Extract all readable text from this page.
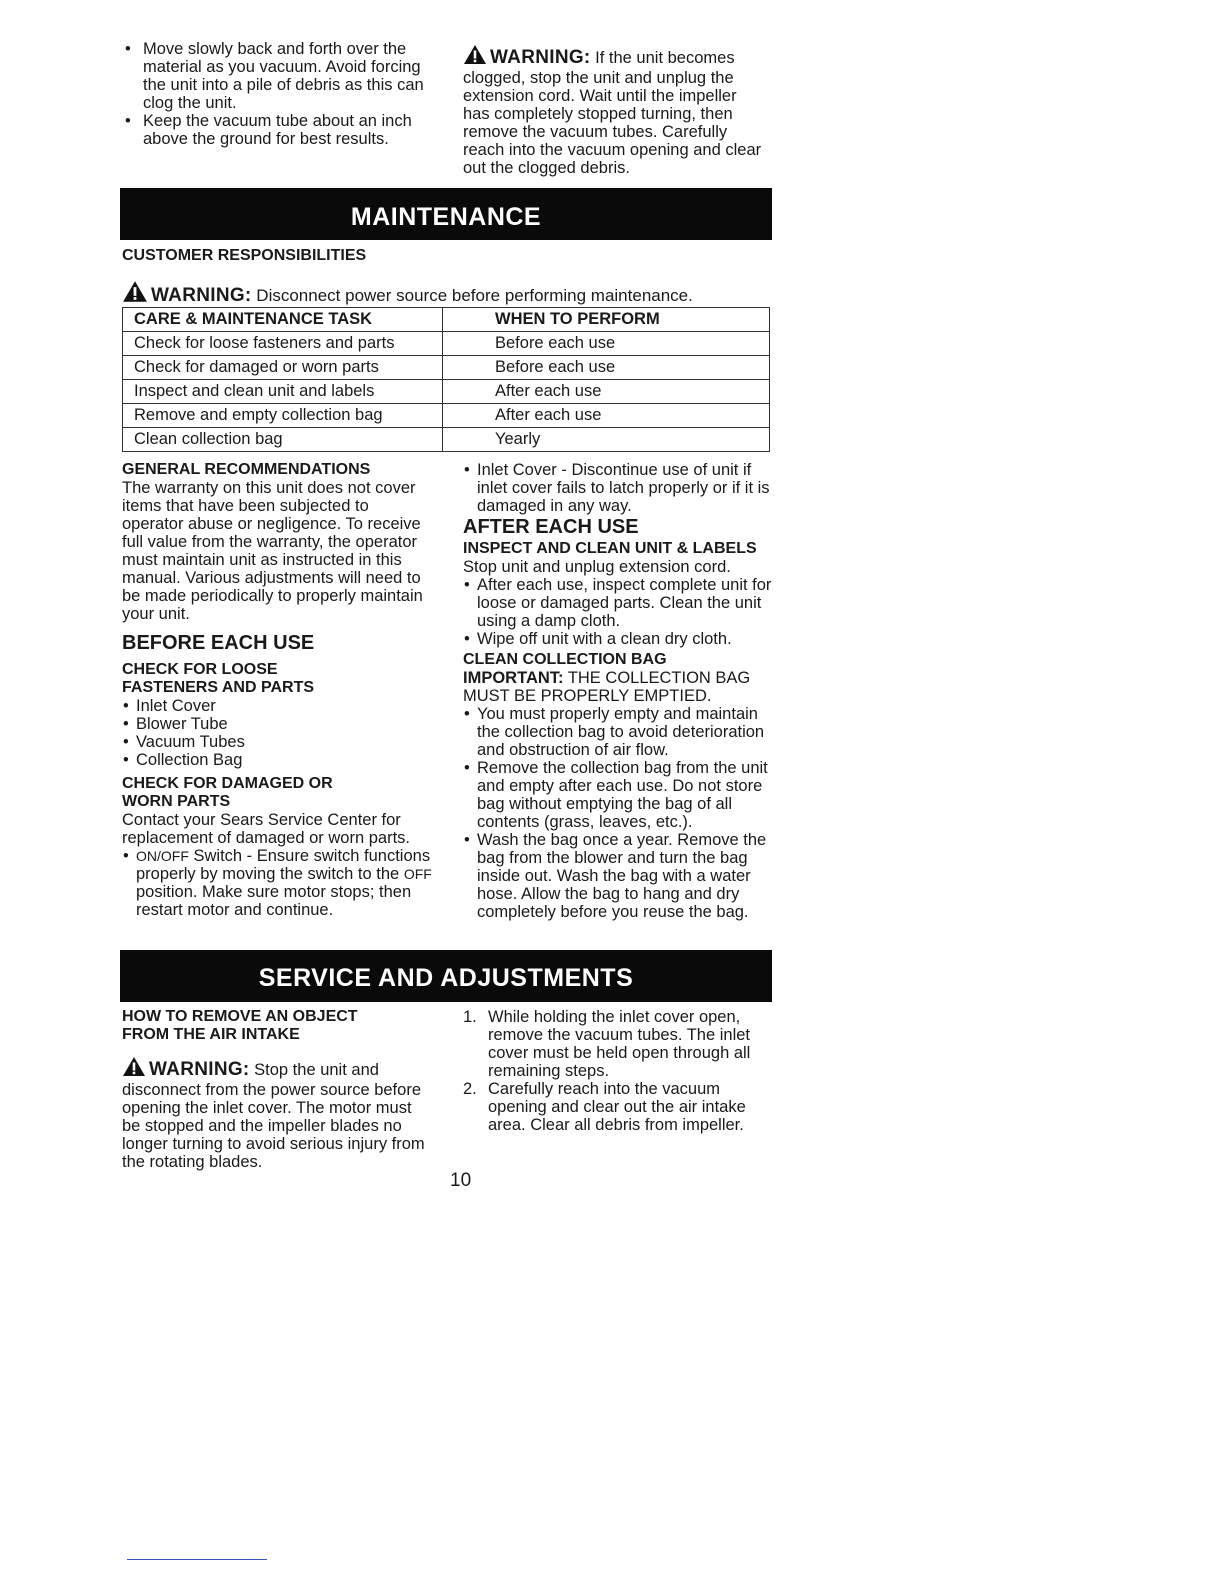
• Move slowly back and forth over the material as you vacuum. Avoid forcing the unit into a pile of debris as this can clog the unit.
• Keep the vacuum tube about an inch above the ground for best results.
WARNING: If the unit becomes clogged, stop the unit and unplug the extension cord. Wait until the impeller has completely stopped turning, then remove the vacuum tubes. Carefully reach into the vacuum opening and clear out the clogged debris.
MAINTENANCE
CUSTOMER RESPONSIBILITIES
WARNING: Disconnect power source before performing maintenance.
CARE & MAINTENANCE TASK	WHEN TO PERFORM
Check for loose fasteners and parts	Before each use
Check for damaged or worn parts	Before each use
Inspect and clean unit and labels	After each use
Remove and empty collection bag	After each use
Clean collection bag	Yearly
GENERAL RECOMMENDATIONS
The warranty on this unit does not cover items that have been subjected to operator abuse or negligence. To receive full value from the warranty, the operator must maintain unit as instructed in this manual. Various adjustments will need to be made periodically to properly maintain your unit.
BEFORE EACH USE
CHECK FOR LOOSE
FASTENERS AND PARTS
• Inlet Cover
• Blower Tube
• Vacuum Tubes
• Collection Bag
CHECK FOR DAMAGED OR
WORN PARTS
Contact your Sears Service Center for replacement of damaged or worn parts.
• ON/OFF Switch - Ensure switch functions properly by moving the switch to the OFF position. Make sure motor stops; then restart motor and continue.
• Inlet Cover - Discontinue use of unit if inlet cover fails to latch properly or if it is damaged in any way.
AFTER EACH USE
INSPECT AND CLEAN UNIT & LABELS
Stop unit and unplug extension cord.
• After each use, inspect complete unit for loose or damaged parts. Clean the unit using a damp cloth.
• Wipe off unit with a clean dry cloth.
CLEAN COLLECTION BAG
IMPORTANT: THE COLLECTION BAG MUST BE PROPERLY EMPTIED.
• You must properly empty and maintain the collection bag to avoid deterioration and obstruction of air flow.
• Remove the collection bag from the unit and empty after each use. Do not store bag without emptying the bag of all contents (grass, leaves, etc.).
• Wash the bag once a year. Remove the bag from the blower and turn the bag inside out. Wash the bag with a water hose. Allow the bag to hang and dry completely before you reuse the bag.
SERVICE AND ADJUSTMENTS
HOW TO REMOVE AN OBJECT
FROM THE AIR INTAKE
WARNING: Stop the unit and disconnect from the power source before opening the inlet cover. The motor must be stopped and the impeller blades no longer turning to avoid serious injury from the rotating blades.
1. While holding the inlet cover open, remove the vacuum tubes. The inlet cover must be held open through all remaining steps.
2. Carefully reach into the vacuum opening and clear out the air intake area. Clear all debris from impeller.
10
